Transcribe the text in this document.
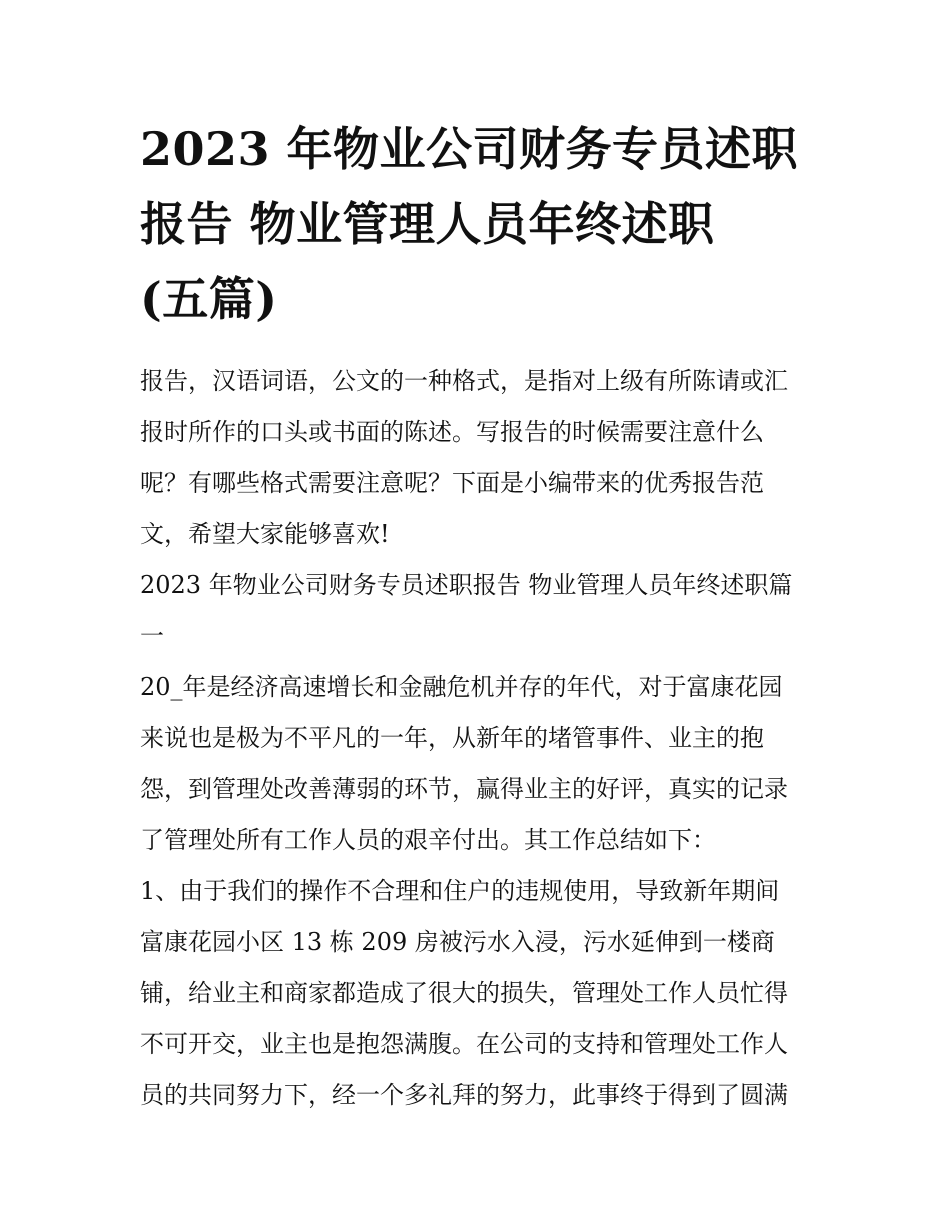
2023 年物业公司财务专员述职
报告 物业管理人员年终述职
(五篇)
报告，汉语词语，公文的一种格式，是指对上级有所陈请或汇
报时所作的口头或书面的陈述。写报告的时候需要注意什么
呢？有哪些格式需要注意呢？下面是小编带来的优秀报告范
文，希望大家能够喜欢!
2023 年物业公司财务专员述职报告 物业管理人员年终述职篇
一
20_年是经济高速增长和金融危机并存的年代，对于富康花园
来说也是极为不平凡的一年，从新年的堵管事件、业主的抱
怨，到管理处改善薄弱的环节，赢得业主的好评，真实的记录
了管理处所有工作人员的艰辛付出。其工作总结如下：
1、由于我们的操作不合理和住户的违规使用，导致新年期间
富康花园小区 13 栋 209 房被污水入浸，污水延伸到一楼商
铺，给业主和商家都造成了很大的损失，管理处工作人员忙得
不可开交，业主也是抱怨满腹。在公司的支持和管理处工作人
员的共同努力下，经一个多礼拜的努力，此事终于得到了圆满
